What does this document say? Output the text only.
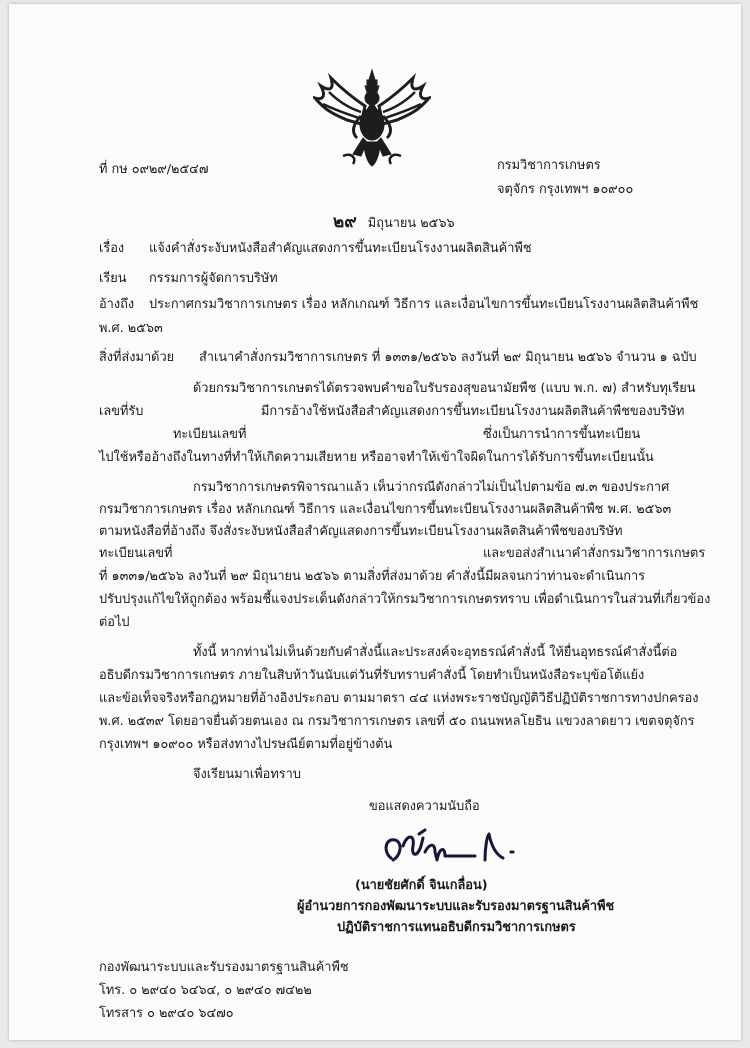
ที่ กษ ๐๙๒๙/๒๕๔๗	กรมวิชาการเกษตร
จตุจักร กรุงเทพฯ ๑๐๙๐๐
๒๙ มิถุนายน ๒๕๖๖
เรื่อง แจ้งคำสั่งระงับหนังสือสำคัญแสดงการขึ้นทะเบียนโรงงานผลิตสินค้าพืช
เรียน กรรมการผู้จัดการบริษัท
อ้างถึง ประกาศกรมวิชาการเกษตร เรื่อง หลักเกณฑ์ วิธีการ และเงื่อนไขการขึ้นทะเบียนโรงงานผลิตสินค้าพืช
พ.ศ. ๒๕๖๓
สิ่งที่ส่งมาด้วย สำเนาคำสั่งกรมวิชาการเกษตร ที่ ๑๓๓๑/๒๕๖๖ ลงวันที่ ๒๙ มิถุนายน ๒๕๖๖ จำนวน ๑ ฉบับ
ด้วยกรมวิชาการเกษตรได้ตรวจพบคำขอใบรับรองสุขอนามัยพืช (แบบ พ.ก. ๗) สำหรับทุเรียน
เลขที่รับ	มีการอ้างใช้หนังสือสำคัญแสดงการขึ้นทะเบียนโรงงานผลิตสินค้าพืชของบริษัท
ทะเบียนเลขที่	ซึ่งเป็นการนำการขึ้นทะเบียน
ไปใช้หรืออ้างถึงในทางที่ทำให้เกิดความเสียหาย หรืออาจทำให้เข้าใจผิดในการได้รับการขึ้นทะเบียนนั้น
กรมวิชาการเกษตรพิจารณาแล้ว เห็นว่ากรณีดังกล่าวไม่เป็นไปตามข้อ ๗.๓ ของประกาศ
กรมวิชาการเกษตร เรื่อง หลักเกณฑ์ วิธีการ และเงื่อนไขการขึ้นทะเบียนโรงงานผลิตสินค้าพืช พ.ศ. ๒๕๖๓
ตามหนังสือที่อ้างถึง จึงสั่งระงับหนังสือสำคัญแสดงการขึ้นทะเบียนโรงงานผลิตสินค้าพืชของบริษัท
ทะเบียนเลขที่	และขอส่งสำเนาคำสั่งกรมวิชาการเกษตร
ที่ ๑๓๓๑/๒๕๖๖ ลงวันที่ ๒๙ มิถุนายน ๒๕๖๖ ตามสิ่งที่ส่งมาด้วย คำสั่งนี้มีผลจนกว่าท่านจะดำเนินการ
ปรับปรุงแก้ไขให้ถูกต้อง พร้อมชี้แจงประเด็นดังกล่าวให้กรมวิชาการเกษตรทราบ เพื่อดำเนินการในส่วนที่เกี่ยวข้อง
ต่อไป
ทั้งนี้ หากท่านไม่เห็นด้วยกับคำสั่งนี้และประสงค์จะอุทธรณ์คำสั่งนี้ ให้ยื่นอุทธรณ์คำสั่งนี้ต่อ
อธิบดีกรมวิชาการเกษตร ภายในสิบห้าวันนับแต่วันที่รับทราบคำสั่งนี้ โดยทำเป็นหนังสือระบุข้อโต้แย้ง
และข้อเท็จจริงหรือกฎหมายที่อ้างอิงประกอบ ตามมาตรา ๔๔ แห่งพระราชบัญญัติวิธีปฏิบัติราชการทางปกครอง
พ.ศ. ๒๕๓๙ โดยอาจยื่นด้วยตนเอง ณ กรมวิชาการเกษตร เลขที่ ๕๐ ถนนพหลโยธิน แขวงลาดยาว เขตจตุจักร
กรุงเทพฯ ๑๐๙๐๐ หรือส่งทางไปรษณีย์ตามที่อยู่ข้างต้น
จึงเรียนมาเพื่อทราบ
ขอแสดงความนับถือ
(นายชัยศักดิ์ จินเกลื่อน)
ผู้อำนวยการกองพัฒนาระบบและรับรองมาตรฐานสินค้าพืช
ปฏิบัติราชการแทนอธิบดีกรมวิชาการเกษตร
กองพัฒนาระบบและรับรองมาตรฐานสินค้าพืช
โทร. ๐ ๒๙๔๐ ๖๔๖๔, ๐ ๒๙๔๐ ๗๔๒๒
โทรสาร ๐ ๒๙๔๐ ๖๔๗๐
